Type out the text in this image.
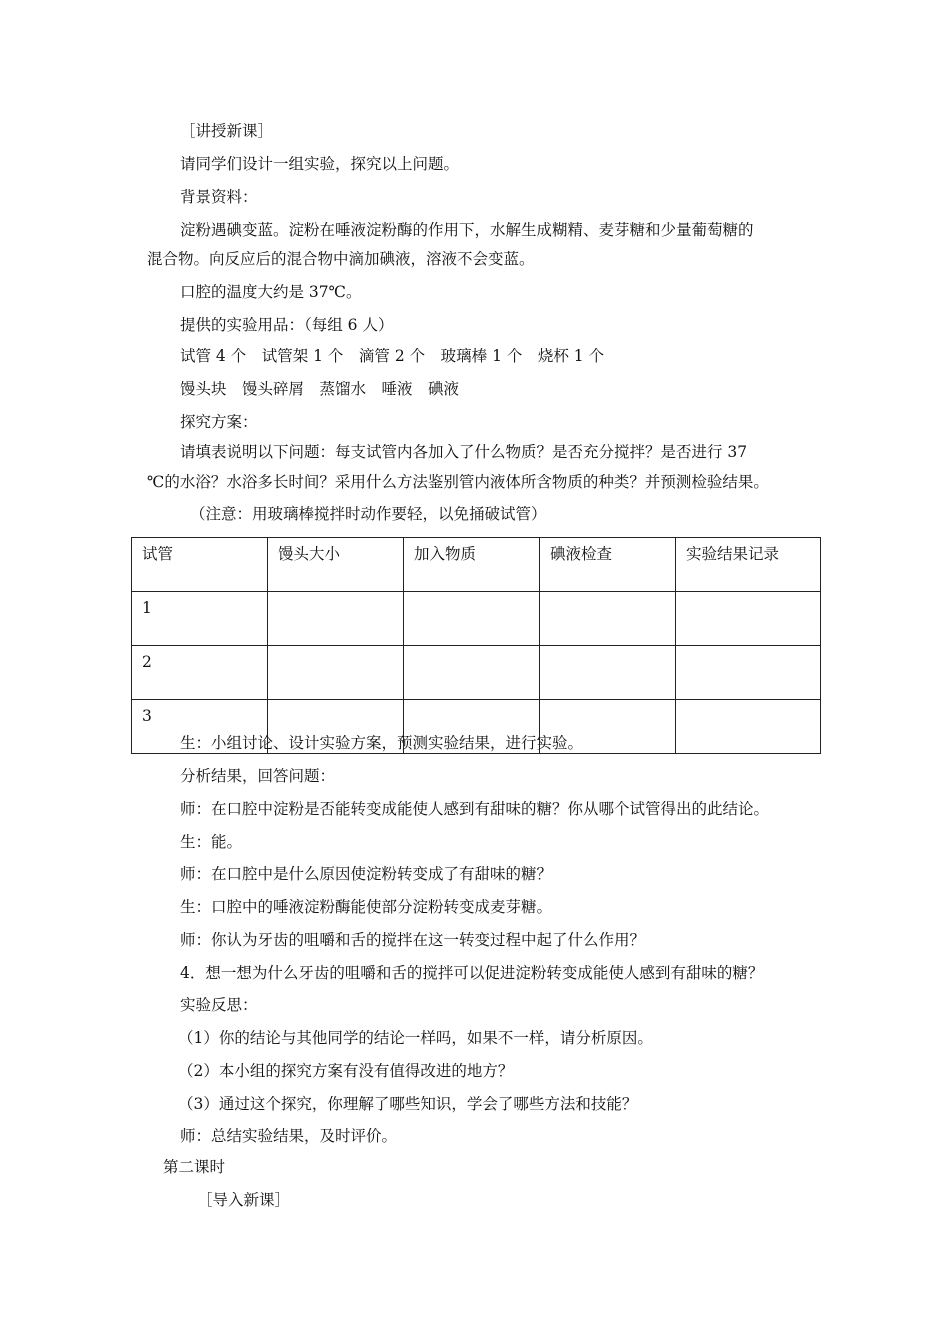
［讲授新课］
请同学们设计一组实验，探究以上问题。
背景资料：
淀粉遇碘变蓝。淀粉在唾液淀粉酶的作用下，水解生成糊精、麦芽糖和少量葡萄糖的
混合物。向反应后的混合物中滴加碘液，溶液不会变蓝。
口腔的温度大约是 37℃。
提供的实验用品：（每组 6 人）
试管 4 个　试管架 1 个　滴管 2 个　玻璃棒 1 个　烧杯 1 个
馒头块　馒头碎屑　蒸馏水　唾液　碘液
探究方案：
请填表说明以下问题：每支试管内各加入了什么物质？是否充分搅拌？是否进行 37
℃的水浴？水浴多长时间？采用什么方法鉴别管内液体所含物质的种类？并预测检验结果。
（注意：用玻璃棒搅拌时动作要轻，以免捅破试管）
试管	馒头大小	加入物质	碘液检查	实验结果记录
1				
2				
3				
生：小组讨论、设计实验方案，预测实验结果，进行实验。
分析结果，回答问题：
师：在口腔中淀粉是否能转变成能使人感到有甜味的糖？你从哪个试管得出的此结论。
生：能。
师：在口腔中是什么原因使淀粉转变成了有甜味的糖？
生：口腔中的唾液淀粉酶能使部分淀粉转变成麦芽糖。
师：你认为牙齿的咀嚼和舌的搅拌在这一转变过程中起了什么作用？
4．想一想为什么牙齿的咀嚼和舌的搅拌可以促进淀粉转变成能使人感到有甜味的糖？
实验反思：
（1）你的结论与其他同学的结论一样吗，如果不一样，请分析原因。
（2）本小组的探究方案有没有值得改进的地方？
（3）通过这个探究，你理解了哪些知识，学会了哪些方法和技能？
师：总结实验结果，及时评价。
第二课时
［导入新课］
